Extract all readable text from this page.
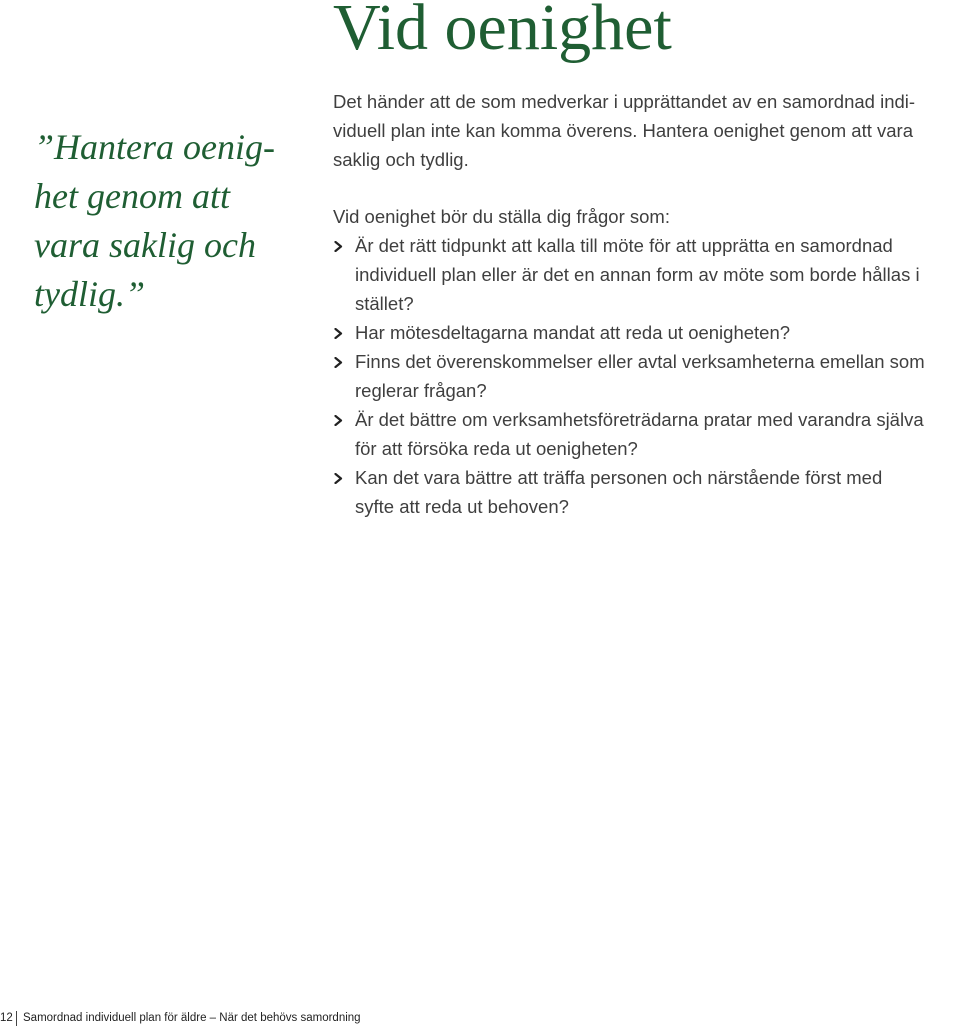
”Hantera oenig-
het genom att
vara saklig och
tydlig.”
Vid oenighet
Det händer att de som medverkar i upprättandet av en samordnad indi-
viduell plan inte kan komma överens. Hantera oenighet genom att vara
saklig och tydlig.
Vid oenighet bör du ställa dig frågor som:
Är det rätt tidpunkt att kalla till möte för att upprätta en samordnad
individuell plan eller är det en annan form av möte som borde hållas i
stället?
Har mötesdeltagarna mandat att reda ut oenigheten?
Finns det överenskommelser eller avtal verksamheterna emellan som
reglerar frågan?
Är det bättre om verksamhetsföreträdarna pratar med varandra själva
för att försöka reda ut oenigheten?
Kan det vara bättre att träffa personen och närstående först med
syfte att reda ut behoven?
12 Samordnad individuell plan för äldre – När det behövs samordning
